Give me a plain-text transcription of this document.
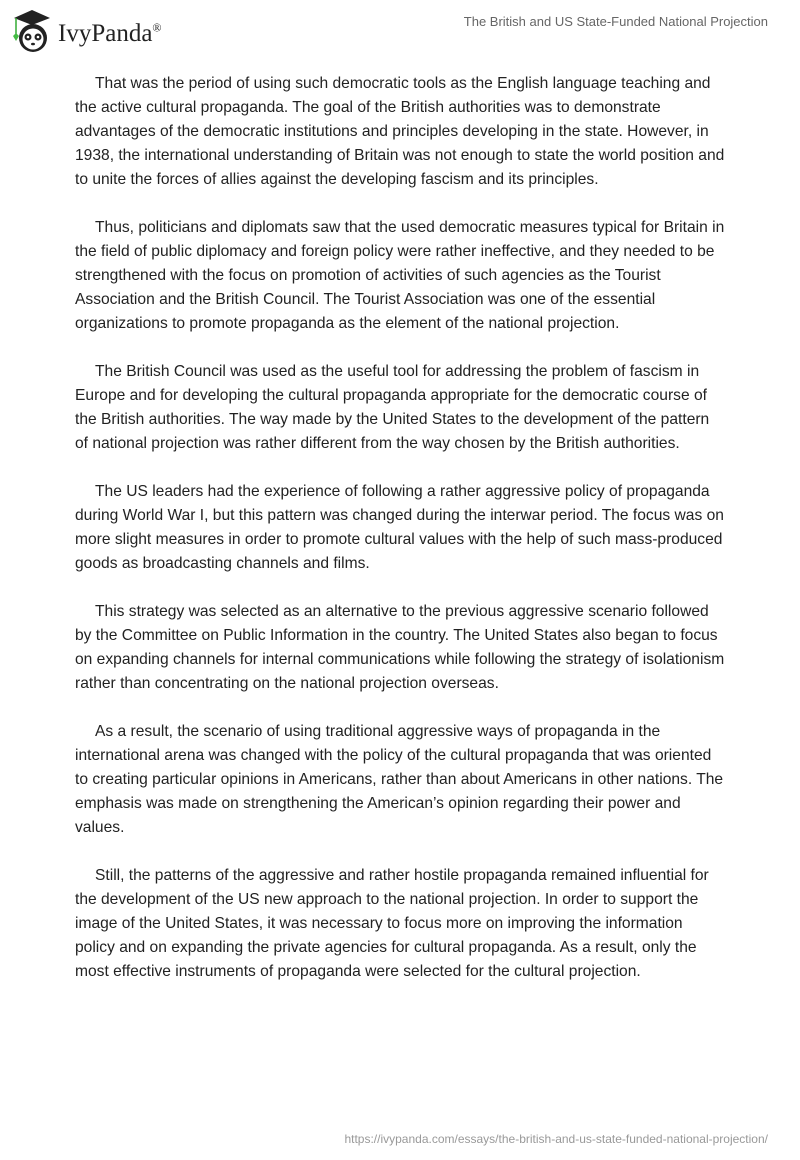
IvyPanda®	The British and US State-Funded National Projection

That was the period of using such democratic tools as the English language teaching and the active cultural propaganda. The goal of the British authorities was to demonstrate advantages of the democratic institutions and principles developing in the state. However, in 1938, the international understanding of Britain was not enough to state the world position and to unite the forces of allies against the developing fascism and its principles.

Thus, politicians and diplomats saw that the used democratic measures typical for Britain in the field of public diplomacy and foreign policy were rather ineffective, and they needed to be strengthened with the focus on promotion of activities of such agencies as the Tourist Association and the British Council. The Tourist Association was one of the essential organizations to promote propaganda as the element of the national projection.

The British Council was used as the useful tool for addressing the problem of fascism in Europe and for developing the cultural propaganda appropriate for the democratic course of the British authorities. The way made by the United States to the development of the pattern of national projection was rather different from the way chosen by the British authorities.

The US leaders had the experience of following a rather aggressive policy of propaganda during World War I, but this pattern was changed during the interwar period. The focus was on more slight measures in order to promote cultural values with the help of such mass-produced goods as broadcasting channels and films.

This strategy was selected as an alternative to the previous aggressive scenario followed by the Committee on Public Information in the country. The United States also began to focus on expanding channels for internal communications while following the strategy of isolationism rather than concentrating on the national projection overseas.

As a result, the scenario of using traditional aggressive ways of propaganda in the international arena was changed with the policy of the cultural propaganda that was oriented to creating particular opinions in Americans, rather than about Americans in other nations. The emphasis was made on strengthening the American’s opinion regarding their power and values.

Still, the patterns of the aggressive and rather hostile propaganda remained influential for the development of the US new approach to the national projection. In order to support the image of the United States, it was necessary to focus more on improving the information policy and on expanding the private agencies for cultural propaganda. As a result, only the most effective instruments of propaganda were selected for the cultural projection.

https://ivypanda.com/essays/the-british-and-us-state-funded-national-projection/
